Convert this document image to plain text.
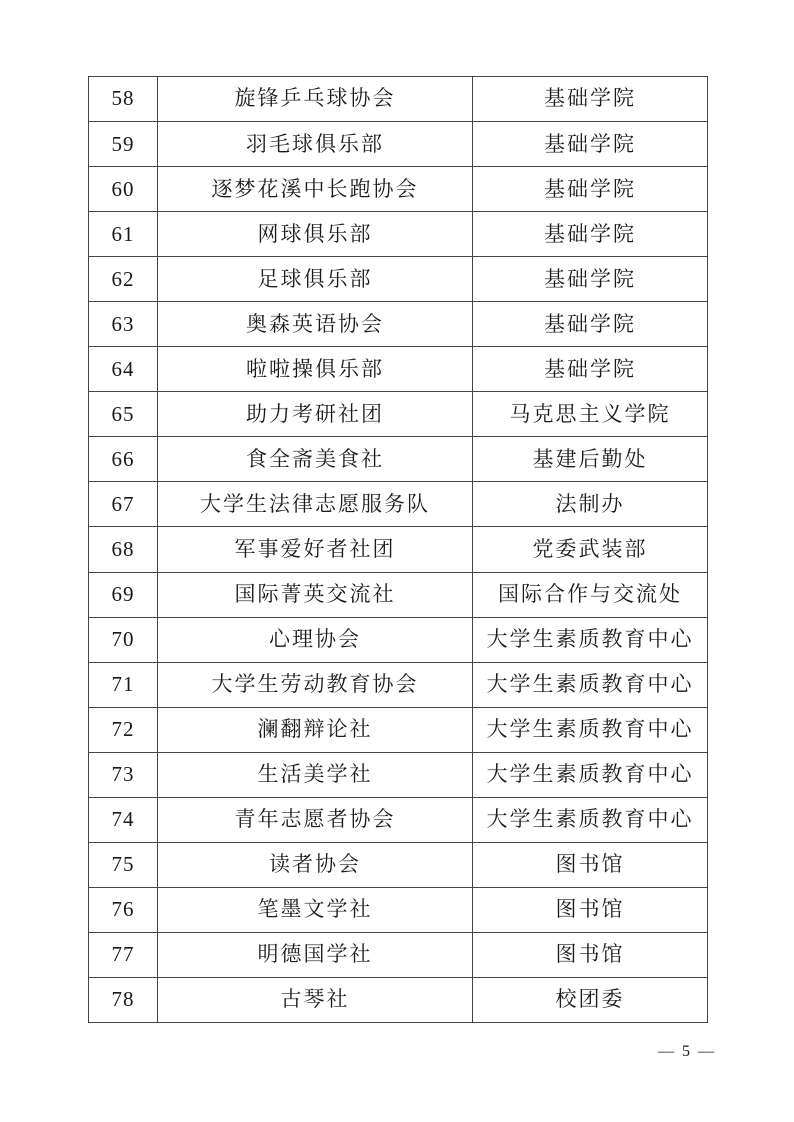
58	旋锋乒乓球协会	基础学院
59	羽毛球俱乐部	基础学院
60	逐梦花溪中长跑协会	基础学院
61	网球俱乐部	基础学院
62	足球俱乐部	基础学院
63	奥森英语协会	基础学院
64	啦啦操俱乐部	基础学院
65	助力考研社团	马克思主义学院
66	食全斋美食社	基建后勤处
67	大学生法律志愿服务队	法制办
68	军事爱好者社团	党委武装部
69	国际菁英交流社	国际合作与交流处
70	心理协会	大学生素质教育中心
71	大学生劳动教育协会	大学生素质教育中心
72	澜翻辩论社	大学生素质教育中心
73	生活美学社	大学生素质教育中心
74	青年志愿者协会	大学生素质教育中心
75	读者协会	图书馆
76	笔墨文学社	图书馆
77	明德国学社	图书馆
78	古琴社	校团委
— 5 —
